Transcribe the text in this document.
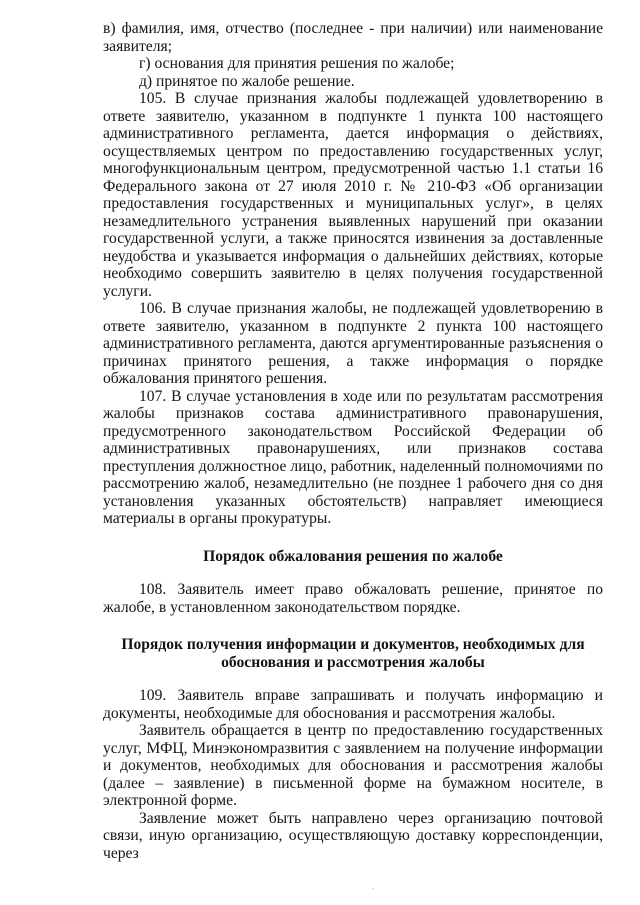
в) фамилия, имя, отчество (последнее - при наличии) или наименование заявителя;

г) основания для принятия решения по жалобе;

д) принятое по жалобе решение.

105. В случае признания жалобы подлежащей удовлетворению в ответе заявителю, указанном в подпункте 1 пункта 100 настоящего административного регламента, дается информация о действиях, осуществляемых центром по предоставлению государственных услуг, многофункциональным центром, предусмотренной частью 1.1 статьи 16 Федерального закона от 27 июля 2010 г. № 210-ФЗ «Об организации предоставления государственных и муниципальных услуг», в целях незамедлительного устранения выявленных нарушений при оказании государственной услуги, а также приносятся извинения за доставленные неудобства и указывается информация о дальнейших действиях, которые необходимо совершить заявителю в целях получения государственной услуги.

106. В случае признания жалобы, не подлежащей удовлетворению в ответе заявителю, указанном в подпункте 2 пункта 100 настоящего административного регламента, даются аргументированные разъяснения о причинах принятого решения, а также информация о порядке обжалования принятого решения.

107. В случае установления в ходе или по результатам рассмотрения жалобы признаков состава административного правонарушения, предусмотренного законодательством Российской Федерации об административных правонарушениях, или признаков состава преступления должностное лицо, работник, наделенный полномочиями по рассмотрению жалоб, незамедлительно (не позднее 1 рабочего дня со дня установления указанных обстоятельств) направляет имеющиеся материалы в органы прокуратуры.

Порядок обжалования решения по жалобе

108. Заявитель имеет право обжаловать решение, принятое по жалобе, в установленном законодательством порядке.

Порядок получения информации и документов, необходимых для обоснования и рассмотрения жалобы

109. Заявитель вправе запрашивать и получать информацию и документы, необходимые для обоснования и рассмотрения жалобы.

Заявитель обращается в центр по предоставлению государственных услуг, МФЦ, Минэкономразвития с заявлением на получение информации и документов, необходимых для обоснования и рассмотрения жалобы (далее – заявление) в письменной форме на бумажном носителе, в электронной форме.

Заявление может быть направлено через организацию почтовой связи, иную организацию, осуществляющую доставку корреспонденции, через

.
